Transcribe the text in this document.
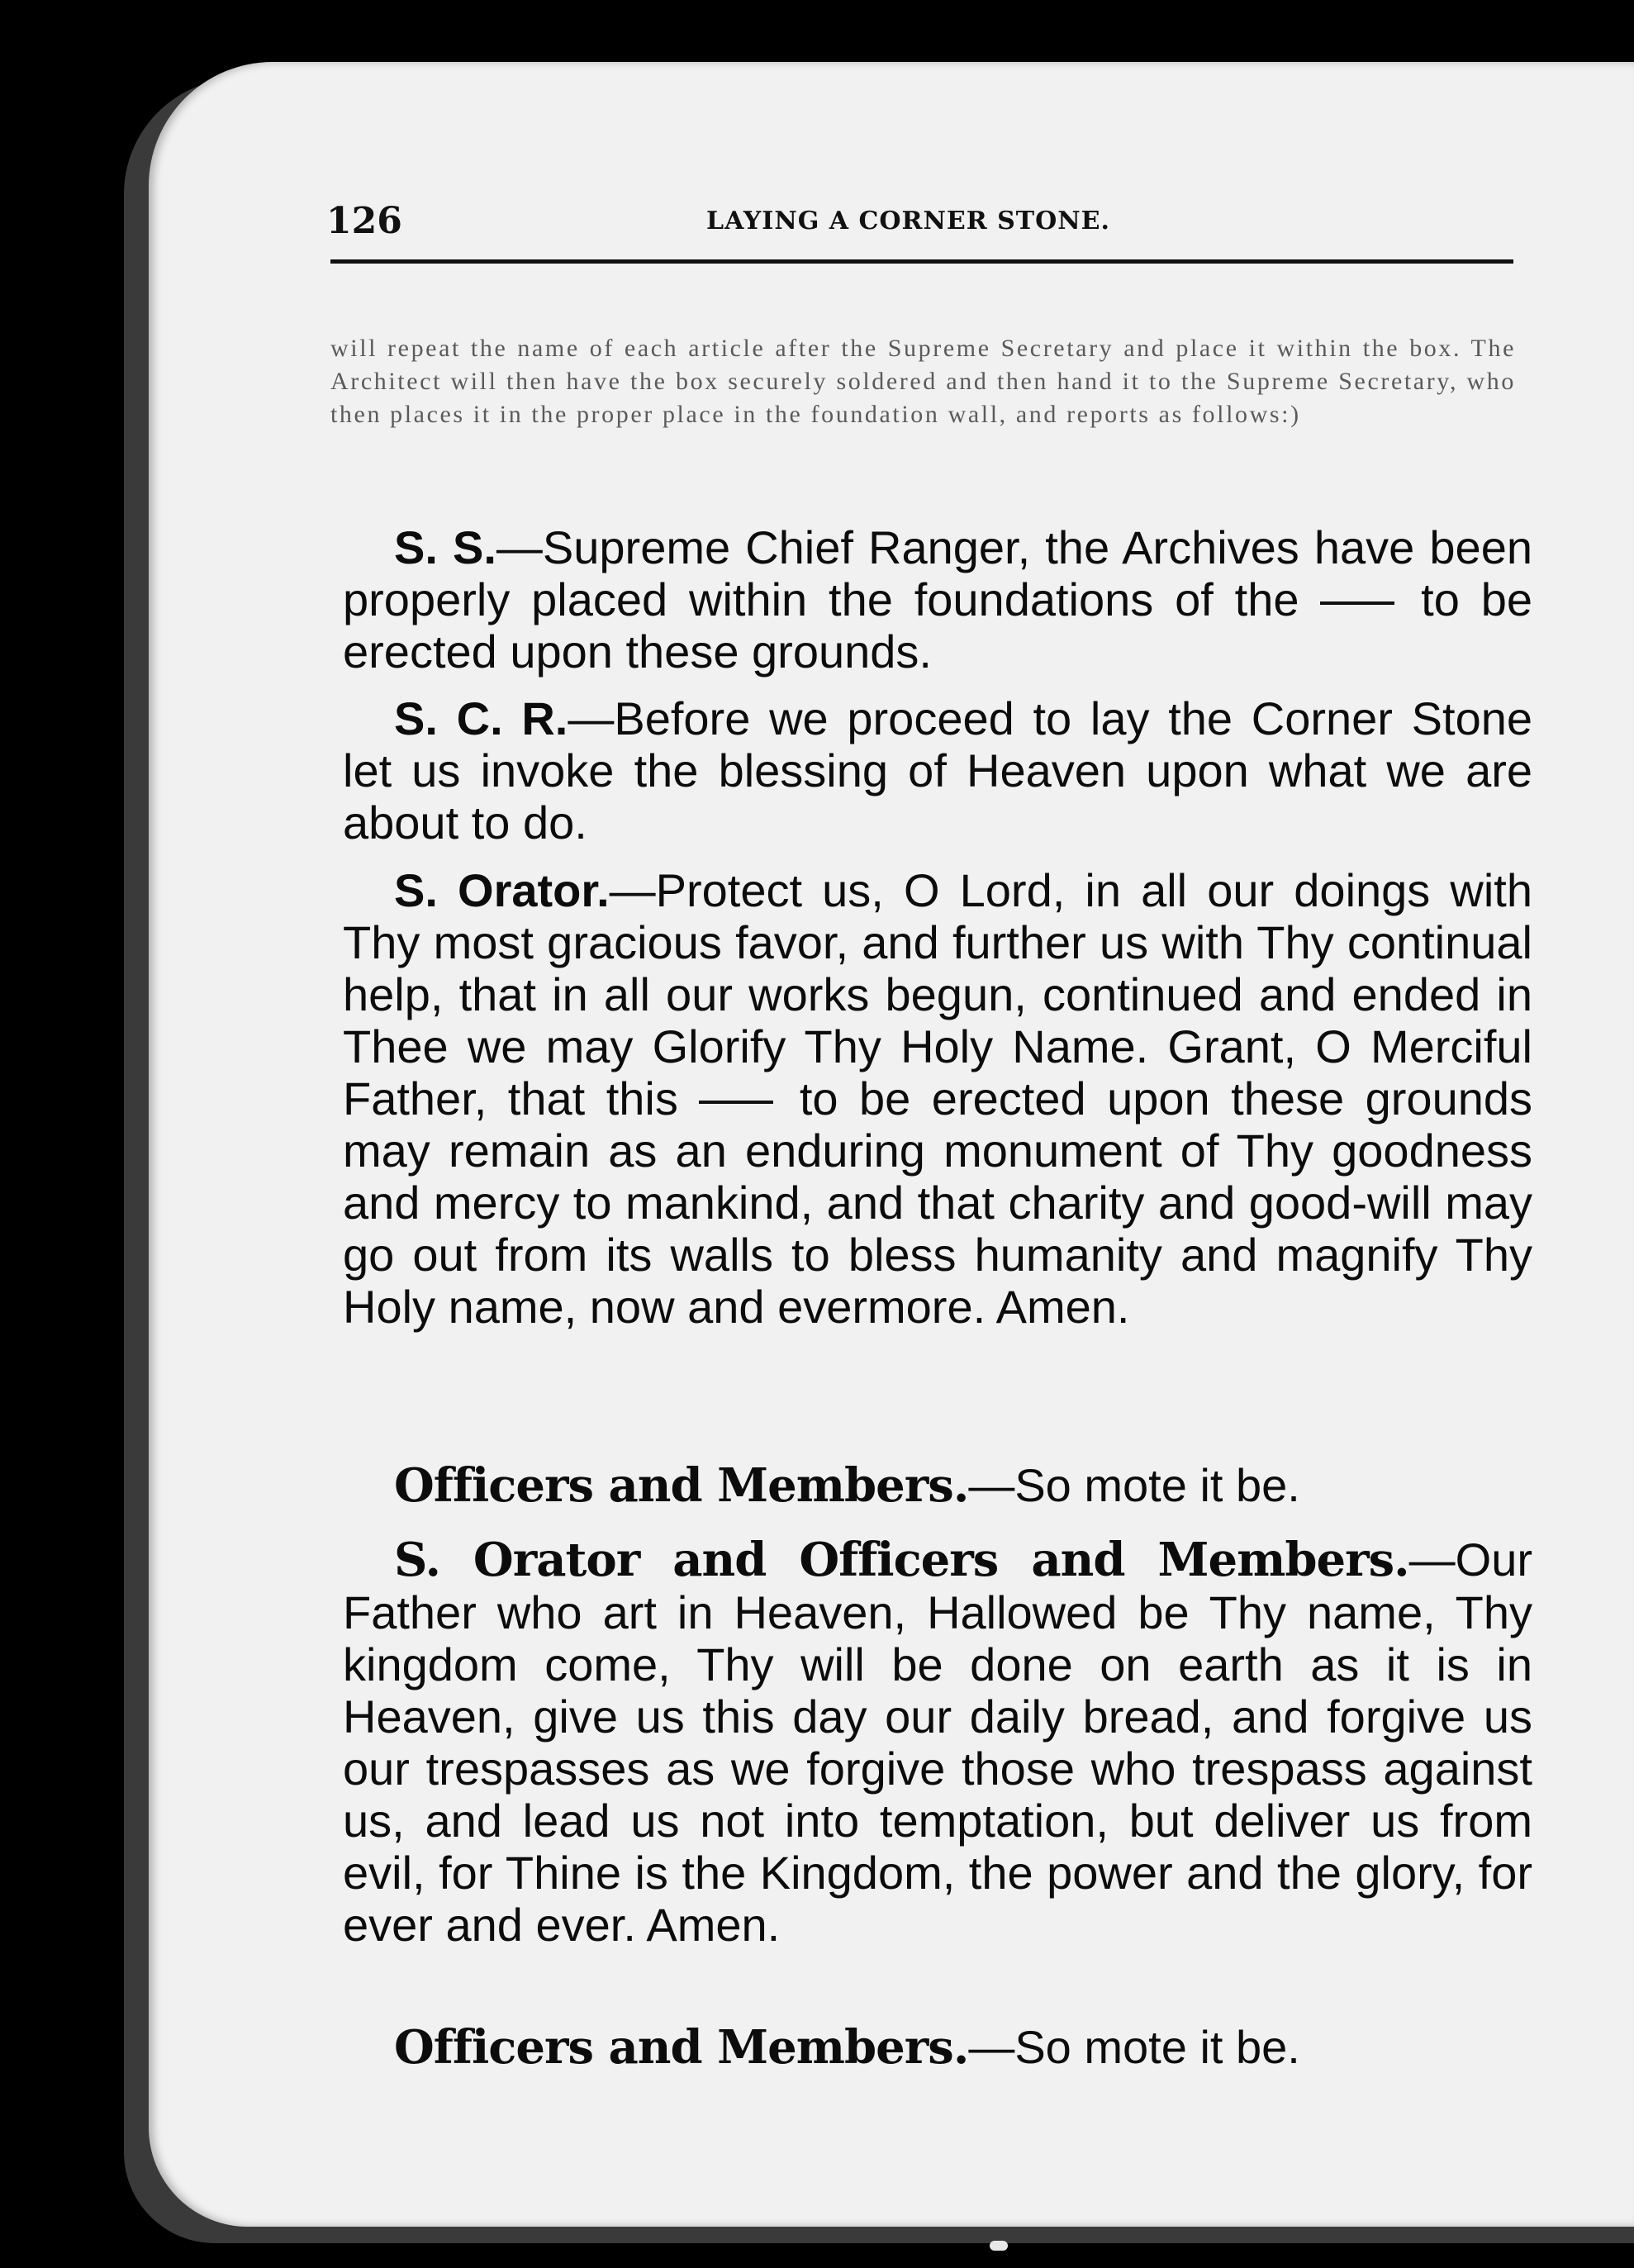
126	LAYING A CORNER STONE.

will repeat the name of each article after the Supreme Secretary and place it within the box. The Architect will then have the box securely soldered and then hand it to the Supreme Secretary, who then places it in the proper place in the foundation wall, and reports as follows:)

S. S.—Supreme Chief Ranger, the Archives have been properly placed within the foundations of the  to be erected upon these grounds.

S. C. R.—Before we proceed to lay the Corner Stone let us invoke the blessing of Heaven upon what we are about to do.

S. Orator.—Protect us, O Lord, in all our doings with Thy most gracious favor, and further us with Thy continual help, that in all our works begun, continued and ended in Thee we may Glorify Thy Holy Name. Grant, O Merciful Father, that this  to be erected upon these grounds may remain as an enduring monument of Thy goodness and mercy to mankind, and that charity and good-will may go out from its walls to bless humanity and magnify Thy Holy name, now and evermore. Amen.

Officers and Members.—So mote it be.

S. Orator and Officers and Members.—Our Father who art in Heaven, Hallowed be Thy name, Thy kingdom come, Thy will be done on earth as it is in Heaven, give us this day our daily bread, and forgive us our trespasses as we forgive those who trespass against us, and lead us not into temptation, but deliver us from evil, for Thine is the Kingdom, the power and the glory, for ever and ever. Amen.

Officers and Members.—So mote it be.
